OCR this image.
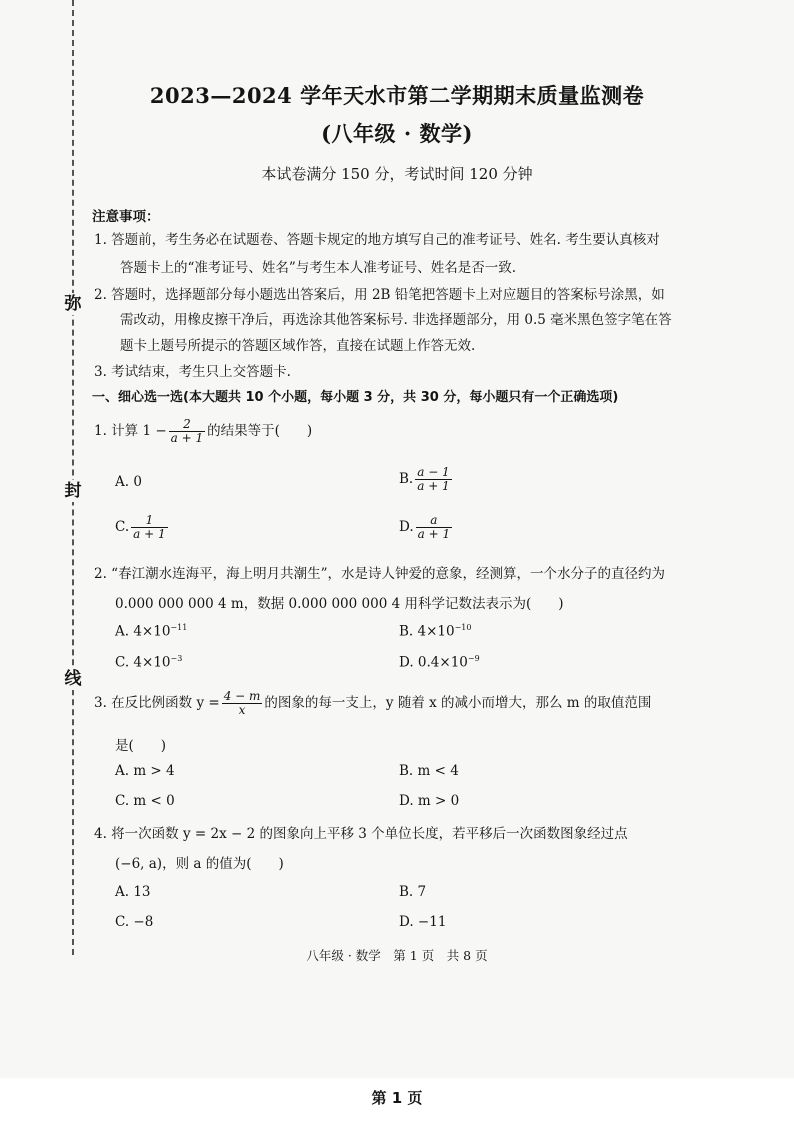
弥
封
线
2023—2024 学年天水市第二学期期末质量监测卷
(八年级 · 数学)
本试卷满分 150 分，考试时间 120 分钟
注意事项：
1. 答题前，考生务必在试题卷、答题卡规定的地方填写自己的准考证号、姓名. 考生要认真核对
答题卡上的“准考证号、姓名”与考生本人准考证号、姓名是否一致.
2. 答题时，选择题部分每小题选出答案后，用 2B 铅笔把答题卡上对应题目的答案标号涂黑，如
需改动，用橡皮擦干净后，再选涂其他答案标号. 非选择题部分，用 0.5 毫米黑色签字笔在答
题卡上题号所提示的答题区域作答，直接在试题上作答无效.
3. 考试结束，考生只上交答题卡.
一、细心选一选(本大题共 10 个小题，每小题 3 分，共 30 分，每小题只有一个正确选项)
1. 计算 $1 - \frac{2}{a + 1}$ 的结果等于(　　)
A. 0	B. $\frac{a - 1}{a + 1}$
C. $\frac{1}{a + 1}$	D. $\frac{a}{a + 1}$
2. “春江潮水连海平，海上明月共潮生”，水是诗人钟爱的意象，经测算，一个水分子的直径约为
0.000 000 000 4 m，数据 0.000 000 000 4 用科学记数法表示为(　　)
A. $4\times 10^{-11}$	B. $4\times 10^{-10}$
C. $4\times 10^{-3}$	D. $0.4\times 10^{-9}$
3. 在反比例函数 $y = \frac{4 - m}{x}$ 的图象的每一支上，y 随着 x 的减小而增大，那么 m 的取值范围
是(　　)
A. m > 4	B. m < 4
C. m < 0	D. m > 0
4. 将一次函数 y = 2x − 2 的图象向上平移 3 个单位长度，若平移后一次函数图象经过点
(−6, a)，则 a 的值为(　　)
A. 13	B. 7
C. −8	D. −11
八年级 · 数学　第 1 页　共 8 页
第 1 页
